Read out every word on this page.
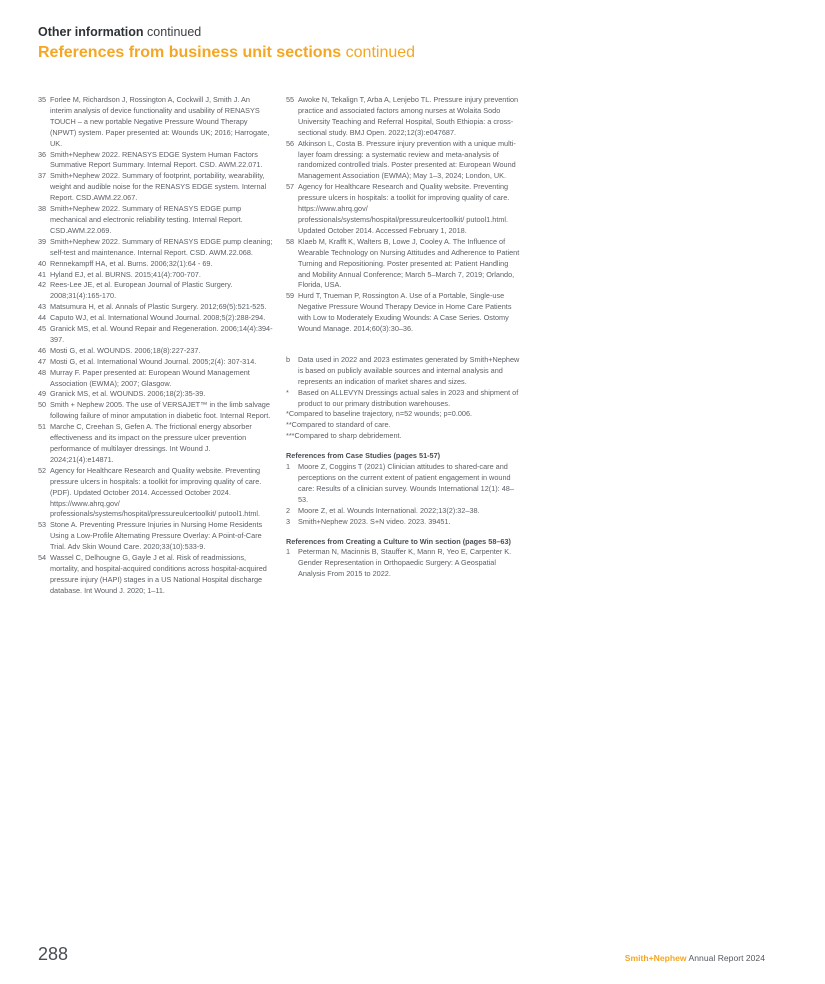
Other information continued
References from business unit sections continued
35 Forlee M, Richardson J, Rossington A, Cockwill J, Smith J. An interim analysis of device functionality and usability of RENASYS TOUCH – a new portable Negative Pressure Wound Therapy (NPWT) system. Paper presented at: Wounds UK; 2016; Harrogate, UK.
36 Smith+Nephew 2022. RENASYS EDGE System Human Factors Summative Report Summary. Internal Report. CSD. AWM.22.071.
37 Smith+Nephew 2022. Summary of footprint, portability, wearability, weight and audible noise for the RENASYS EDGE system. Internal Report. CSD.AWM.22.067.
38 Smith+Nephew 2022. Summary of RENASYS EDGE pump mechanical and electronic reliability testing. Internal Report. CSD.AWM.22.069.
39 Smith+Nephew 2022. Summary of RENASYS EDGE pump cleaning; self-test and maintenance. Internal Report. CSD. AWM.22.068.
40 Rennekampff HA, et al. Burns. 2006;32(1):64 - 69.
41 Hyland EJ, et al. BURNS. 2015;41(4):700-707.
42 Rees-Lee JE, et al. European Journal of Plastic Surgery. 2008;31(4):165-170.
43 Matsumura H, et al. Annals of Plastic Surgery. 2012;69(5):521-525.
44 Caputo WJ, et al. International Wound Journal. 2008;5(2):288-294.
45 Granick MS, et al. Wound Repair and Regeneration. 2006;14(4):394-397.
46 Mosti G, et al. WOUNDS. 2006;18(8):227-237.
47 Mosti G, et al. International Wound Journal. 2005;2(4): 307-314.
48 Murray F. Paper presented at: European Wound Management Association (EWMA); 2007; Glasgow.
49 Granick MS, et al. WOUNDS. 2006;18(2):35-39.
50 Smith + Nephew 2005. The use of VERSAJET™ in the limb salvage following failure of minor amputation in diabetic foot. Internal Report.
51 Marche C, Creehan S, Gefen A. The frictional energy absorber effectiveness and its impact on the pressure ulcer prevention performance of multilayer dressings. Int Wound J. 2024;21(4):e14871.
52 Agency for Healthcare Research and Quality website. Preventing pressure ulcers in hospitals: a toolkit for improving quality of care. (PDF). Updated October 2014. Accessed October 2024. https://www.ahrq.gov/ professionals/systems/hospital/pressureulcertoolkit/ putool1.html.
53 Stone A. Preventing Pressure Injuries in Nursing Home Residents Using a Low-Profile Alternating Pressure Overlay: A Point-of-Care Trial. Adv Skin Wound Care. 2020;33(10):533-9.
54 Wassel C, Delhougne G, Gayle J et al. Risk of readmissions, mortality, and hospital-acquired conditions across hospital-acquired pressure injury (HAPI) stages in a US National Hospital discharge database. Int Wound J. 2020; 1–11.
55 Awoke N, Tekalign T, Arba A, Lenjebo TL. Pressure injury prevention practice and associated factors among nurses at Wolaita Sodo University Teaching and Referral Hospital, South Ethiopia: a cross-sectional study. BMJ Open. 2022;12(3):e047687.
56 Atkinson L, Costa B. Pressure injury prevention with a unique multi-layer foam dressing: a systematic review and meta-analysis of randomized controlled trials. Poster presented at: European Wound Management Association (EWMA); May 1–3, 2024; London, UK.
57 Agency for Healthcare Research and Quality website. Preventing pressure ulcers in hospitals: a toolkit for improving quality of care. https://www.ahrq.gov/ professionals/systems/hospital/pressureulcertoolkit/ putool1.html. Updated October 2014. Accessed February 1, 2018.
58 Klaeb M, Krafft K, Walters B, Lowe J, Cooley A. The Influence of Wearable Technology on Nursing Attitudes and Adherence to Patient Turning and Repositioning. Poster presented at: Patient Handling and Mobility Annual Conference; March 5–March 7, 2019; Orlando, Florida, USA.
59 Hurd T, Trueman P, Rossington A. Use of a Portable, Single-use Negative Pressure Wound Therapy Device in Home Care Patients with Low to Moderately Exuding Wounds: A Case Series. Ostomy Wound Manage. 2014;60(3):30–36.
b Data used in 2022 and 2023 estimates generated by Smith+Nephew is based on publicly available sources and internal analysis and represents an indication of market shares and sizes.
* Based on ALLEVYN Dressings actual sales in 2023 and shipment of product to our primary distribution warehouses.
*Compared to baseline trajectory, n=52 wounds; p=0.006.
**Compared to standard of care.
***Compared to sharp debridement.
References from Case Studies (pages 51-57)
1 Moore Z, Coggins T (2021) Clinician attitudes to shared-care and perceptions on the current extent of patient engagement in wound care: Results of a clinician survey. Wounds International 12(1): 48–53.
2 Moore Z, et al. Wounds International. 2022;13(2):32–38.
3 Smith+Nephew 2023. S+N video. 2023. 39451.
References from Creating a Culture to Win section (pages 58–63)
1 Peterman N, Macinnis B, Stauffer K, Mann R, Yeo E, Carpenter K. Gender Representation in Orthopaedic Surgery: A Geospatial Analysis From 2015 to 2022.
288	Smith+Nephew Annual Report 2024
